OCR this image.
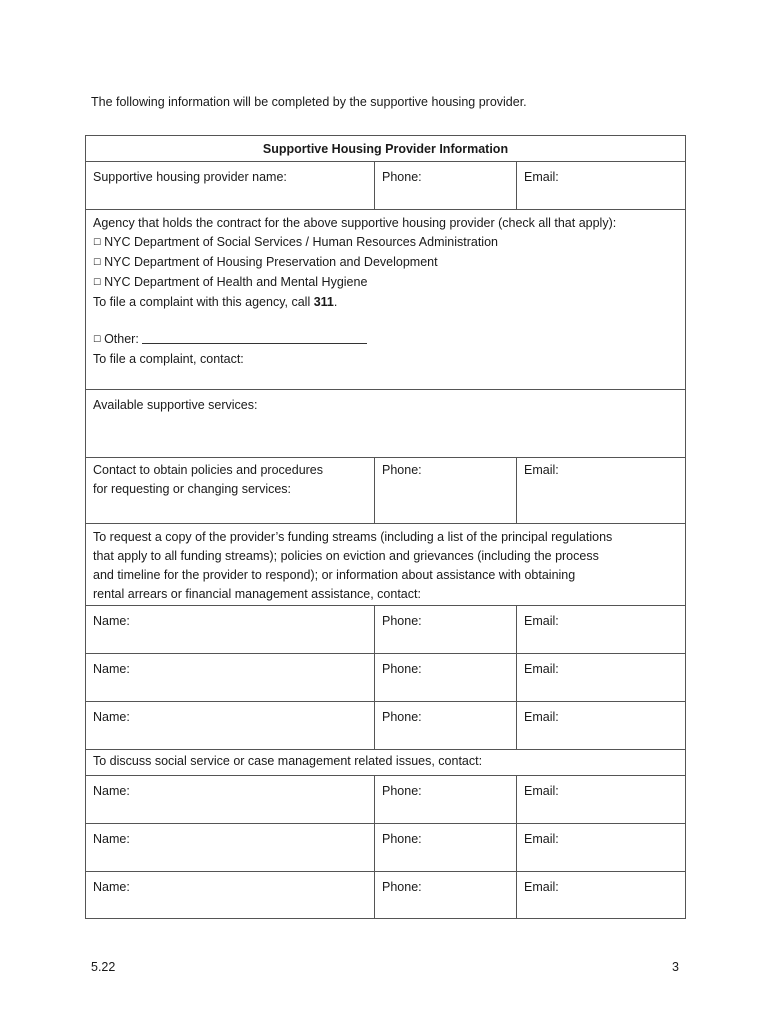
The following information will be completed by the supportive housing provider.
Supportive Housing Provider Information
Supportive housing provider name:	Phone:	Email:
Agency that holds the contract for the above supportive housing provider (check all that apply):
☐ NYC Department of Social Services / Human Resources Administration
☐ NYC Department of Housing Preservation and Development
☐ NYC Department of Health and Mental Hygiene
To file a complaint with this agency, call 311.
☐ Other:
To file a complaint, contact:
Available supportive services:
Contact to obtain policies and procedures
for requesting or changing services:
Phone:	Email:
To request a copy of the provider’s funding streams (including a list of the principal regulations
that apply to all funding streams); policies on eviction and grievances (including the process
and timeline for the provider to respond); or information about assistance with obtaining
rental arrears or financial management assistance, contact:
Name:	Phone:	Email:
Name:	Phone:	Email:
Name:	Phone:	Email:
To discuss social service or case management related issues, contact:
Name:	Phone:	Email:
Name:	Phone:	Email:
Name:	Phone:	Email:
5.22	3
